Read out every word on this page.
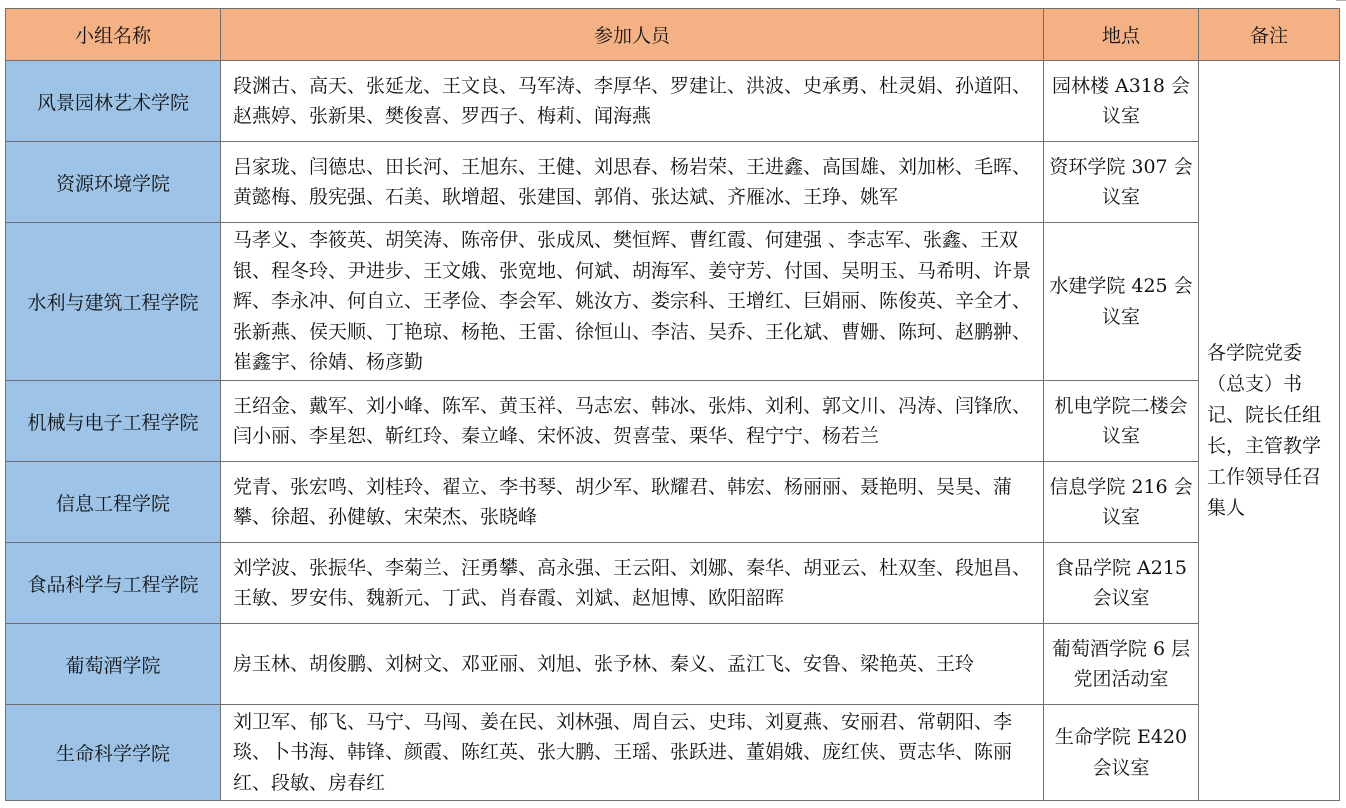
小组名称	参加人员	地点	备注
风景园林艺术学院	段渊古、高天、张延龙、王文良、马军涛、李厚华、罗建让、洪波、史承勇、杜灵娟、孙道阳、赵燕婷、张新果、樊俊喜、罗西子、梅莉、闻海燕	园林楼 A318 会议室	各学院党委（总支）书记、院长任组长，主管教学工作领导任召集人
资源环境学院	吕家珑、闫德忠、田长河、王旭东、王健、刘思春、杨岩荣、王进鑫、高国雄、刘加彬、毛晖、黄懿梅、殷宪强、石美、耿增超、张建国、郭俏、张达斌、齐雁冰、王琤、姚军	资环学院 307 会议室	
水利与建筑工程学院	马孝义、李筱英、胡笑涛、陈帝伊、张成凤、樊恒辉、曹红霞、何建强 、李志军、张鑫、王双银、程冬玲、尹进步、王文娥、张宽地、何斌、胡海军、姜守芳、付国、吴明玉、马希明、许景辉、李永冲、何自立、王孝俭、李会军、姚汝方、娄宗科、王增红、巨娟丽、陈俊英、辛全才、张新燕、侯天顺、丁艳琼、杨艳、王雷、徐恒山、李洁、吴乔、王化斌、曹姗、陈珂、赵鹏翀、崔鑫宇、徐婧、杨彦勤	水建学院 425 会议室	
机械与电子工程学院	王绍金、戴军、刘小峰、陈军、黄玉祥、马志宏、韩冰、张炜、刘利、郭文川、冯涛、闫锋欣、闫小丽、李星恕、靳红玲、秦立峰、宋怀波、贺喜莹、栗华、程宁宁、杨若兰	机电学院二楼会议室	
信息工程学院	党青、张宏鸣、刘桂玲、翟立、李书琴、胡少军、耿耀君、韩宏、杨丽丽、聂艳明、吴昊、蒲攀、徐超、孙健敏、宋荣杰、张晓峰	信息学院 216 会议室	
食品科学与工程学院	刘学波、张振华、李菊兰、汪勇攀、高永强、王云阳、刘娜、秦华、胡亚云、杜双奎、段旭昌、王敏、罗安伟、魏新元、丁武、肖春霞、刘斌、赵旭博、欧阳韶晖	食品学院 A215 会议室	
葡萄酒学院	房玉林、胡俊鹏、刘树文、邓亚丽、刘旭、张予林、秦义、孟江飞、安鲁、梁艳英、王玲	葡萄酒学院 6 层党团活动室	
生命科学学院	刘卫军、郁飞、马宁、马闯、姜在民、刘林强、周自云、史玮、刘夏燕、安丽君、常朝阳、李琰、卜书海、韩锋、颜霞、陈红英、张大鹏、王瑶、张跃进、董娟娥、庞红侠、贾志华、陈丽红、段敏、房春红	生命学院 E420 会议室	
